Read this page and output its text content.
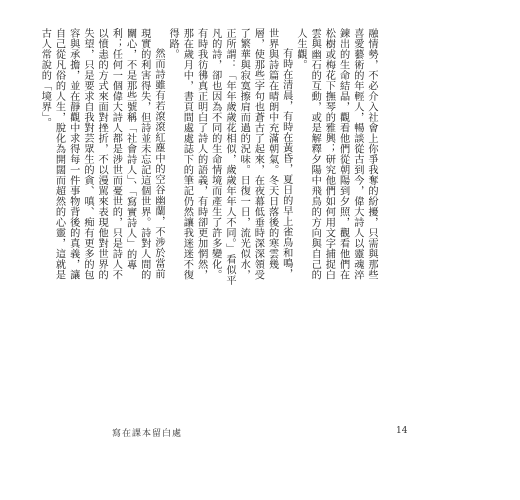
融情勢，不必介入社會上你爭我奪的紛擾，只需與那些喜愛藝術的年輕人，暢談從古到今，偉大詩人以靈魂淬鍊出的生命結晶，觀看他們從朝陽到夕照，觀看他們在松樹或梅花下撫琴的雅興；研究他們如何用文字捕捉白雲與幽石的互動，或是解釋夕陽中飛鳥的方向與自己的人生觀。

有時在清晨，有時在黃昏，夏日的早上雀鳥和鳴，世界與詩篇在晴朗中充滿朝氣。冬天日落後的寒雲幾層，使那些字句也蒼古了起來，在夜幕低垂時深深領受了繁華與寂寞擦肩而過的況味。日復一日，流光似水，正所謂：「年年歲歲花相似，歲歲年年人不同。」看似平凡的詩，卻也因為不同的生命情境而產生了許多變化。有時我彷彿真正明白了詩人的語義，有時卻更加惘然，那在歲月中，書頁間處處誌下的筆記仍然讓我迷迷不復得路。

然而詩雖有若滾滾紅塵中的空谷幽蘭，不涉於當前現實的利害得失，但詩並未忘記這個世界。詩對人間的關心，不是那些號稱「社會詩人」、「寫實詩人」的專利；任何一個偉大詩人都是涉世而憂世的，只是詩人不以憤恚的方式來面對挫折，不以漫駡來表現他對世界的失望，只是要求自我對芸眾生的貪、嗔、痴有更多的包容與承擔，並在靜觀中求得每一件事物背後的真義，讓自己從凡俗的人生，脫化為開闊而超然的心靈，這就是古人常說的「境界」。

寫在課本留白處	14
